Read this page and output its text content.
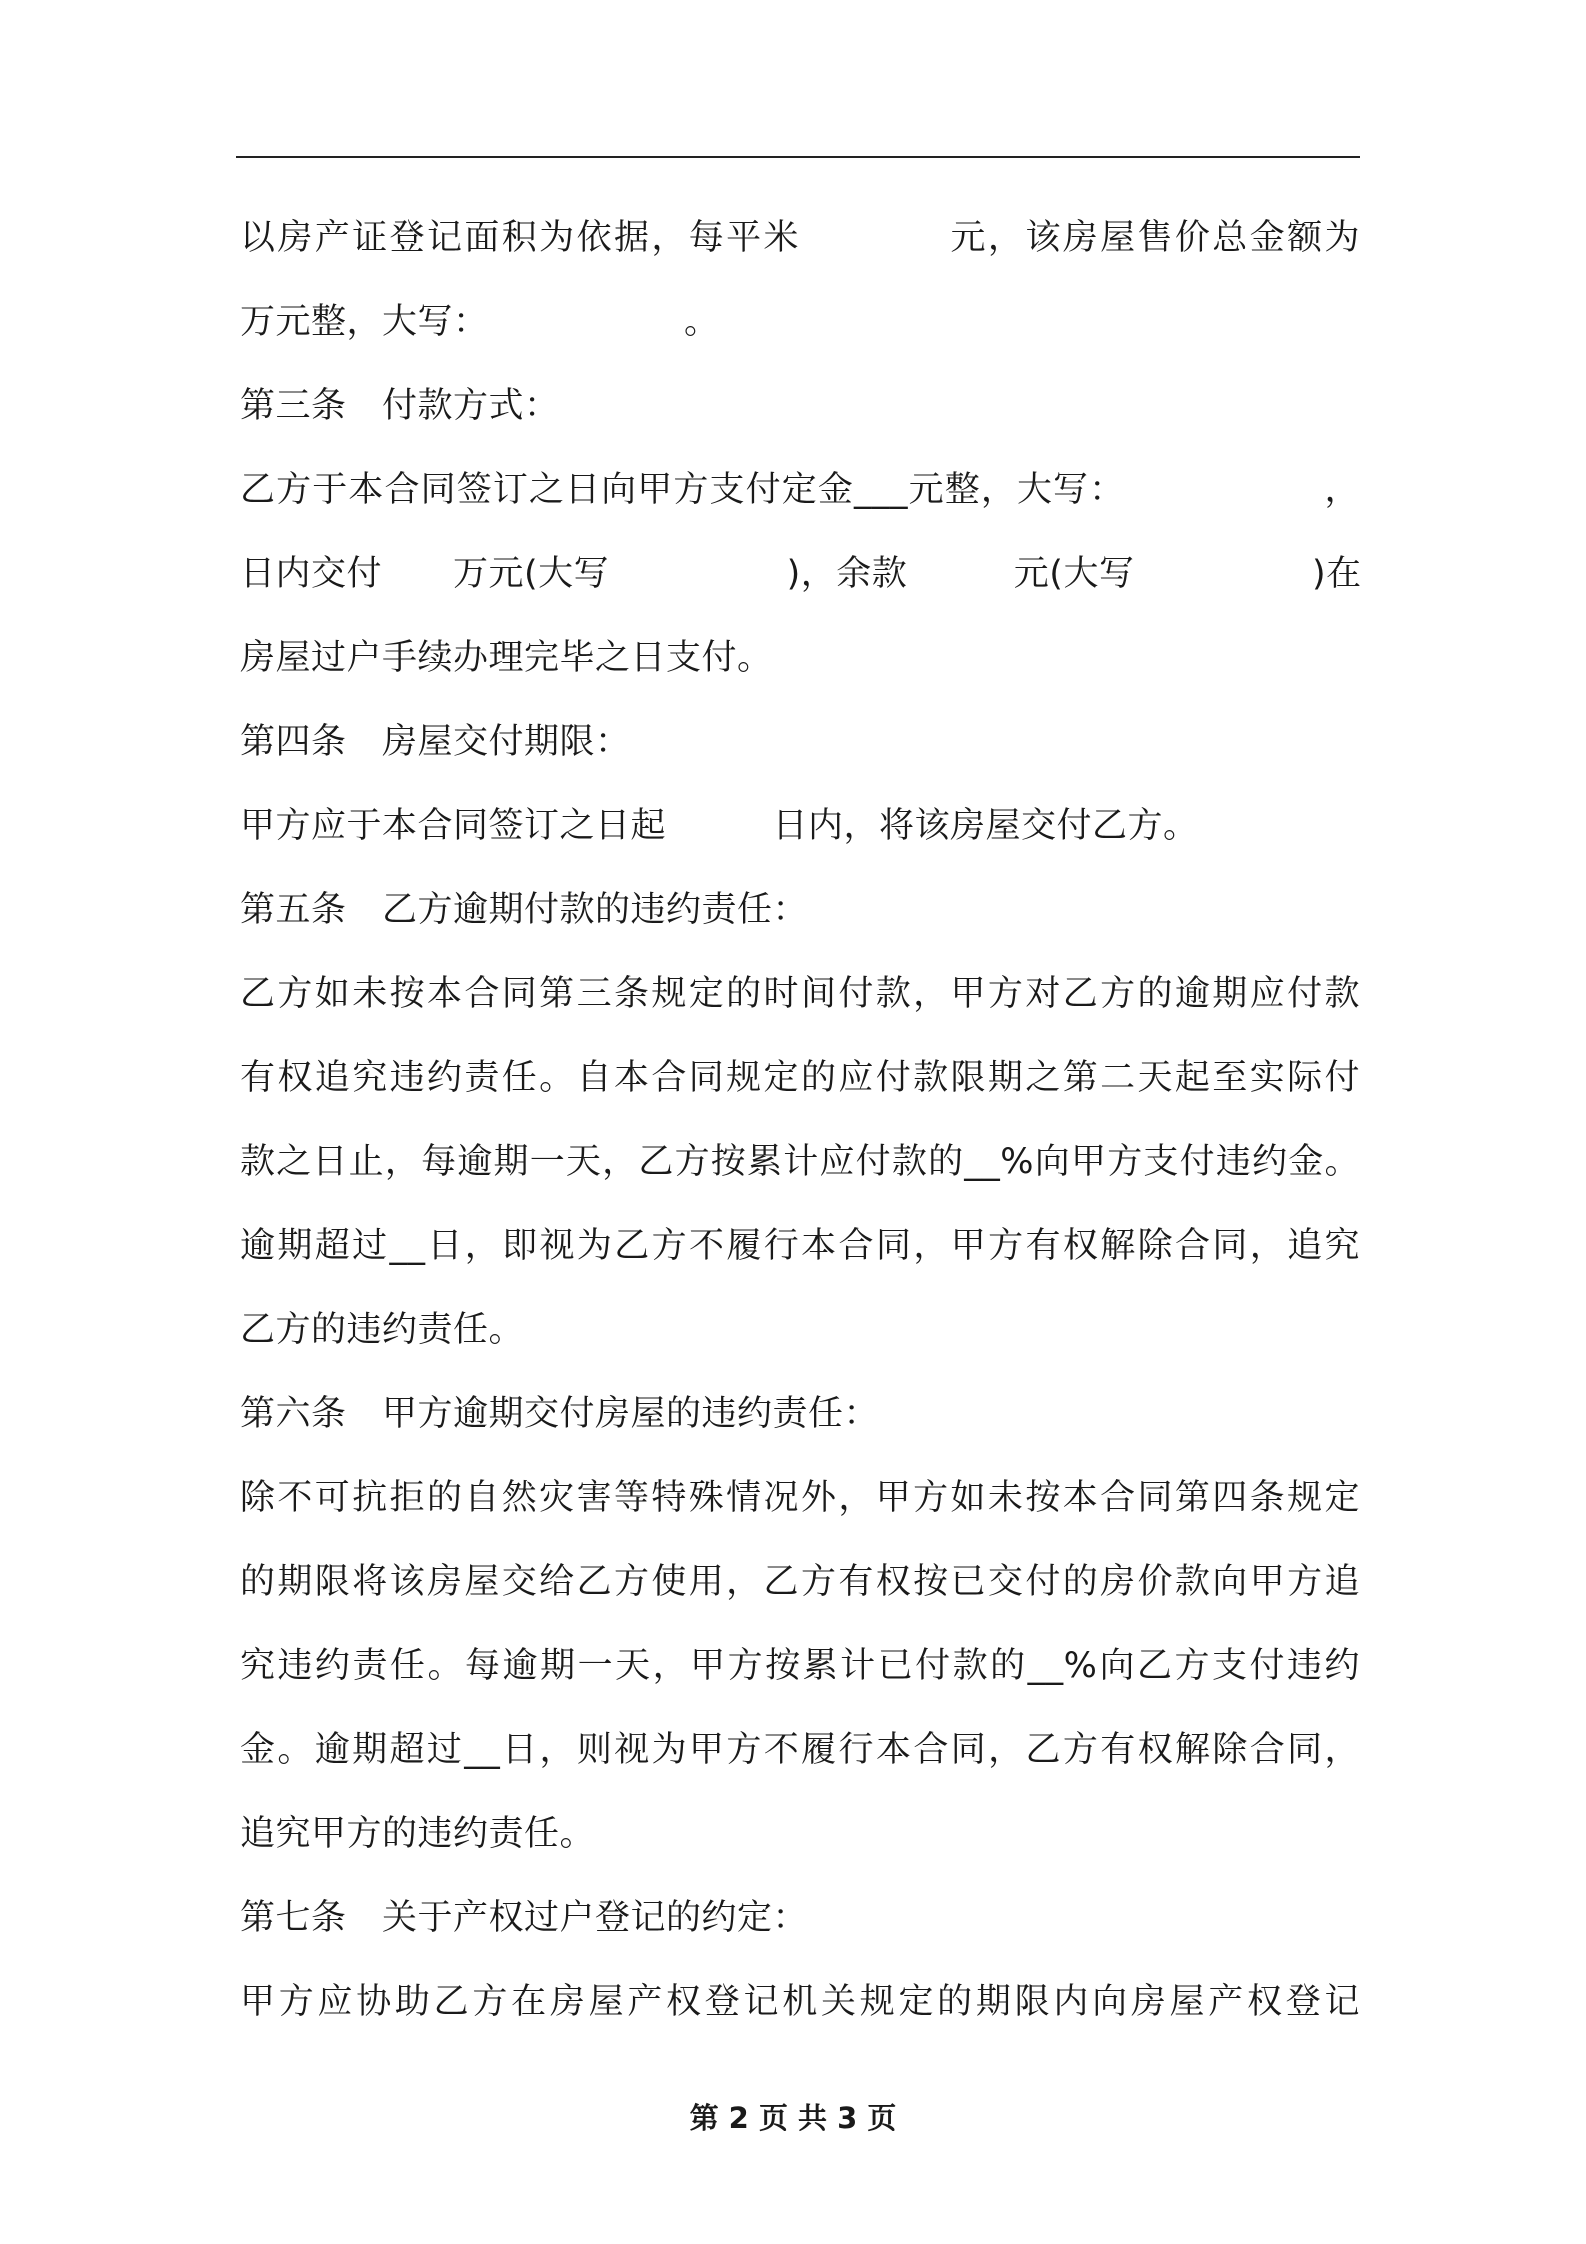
以房产证登记面积为依据，每平米　　　　元，该房屋售价总金额为
万元整，大写：　　　　　　。
第三条　付款方式：
乙方于本合同签订之日向甲方支付定金___元整，大写：　　　　　　，
日内交付　　万元(大写　　　　　)，余款　　　元(大写　　　　　)在
房屋过户手续办理完毕之日支付。
第四条　房屋交付期限：
甲方应于本合同签订之日起　　　日内，将该房屋交付乙方。
第五条　乙方逾期付款的违约责任：
乙方如未按本合同第三条规定的时间付款，甲方对乙方的逾期应付款
有权追究违约责任。自本合同规定的应付款限期之第二天起至实际付
款之日止，每逾期一天，乙方按累计应付款的__%向甲方支付违约金。
逾期超过__日，即视为乙方不履行本合同，甲方有权解除合同，追究
乙方的违约责任。
第六条　甲方逾期交付房屋的违约责任：
除不可抗拒的自然灾害等特殊情况外，甲方如未按本合同第四条规定
的期限将该房屋交给乙方使用，乙方有权按已交付的房价款向甲方追
究违约责任。每逾期一天，甲方按累计已付款的__%向乙方支付违约
金。逾期超过__日，则视为甲方不履行本合同，乙方有权解除合同，
追究甲方的违约责任。
第七条　关于产权过户登记的约定：
甲方应协助乙方在房屋产权登记机关规定的期限内向房屋产权登记
第 2 页 共 3 页
